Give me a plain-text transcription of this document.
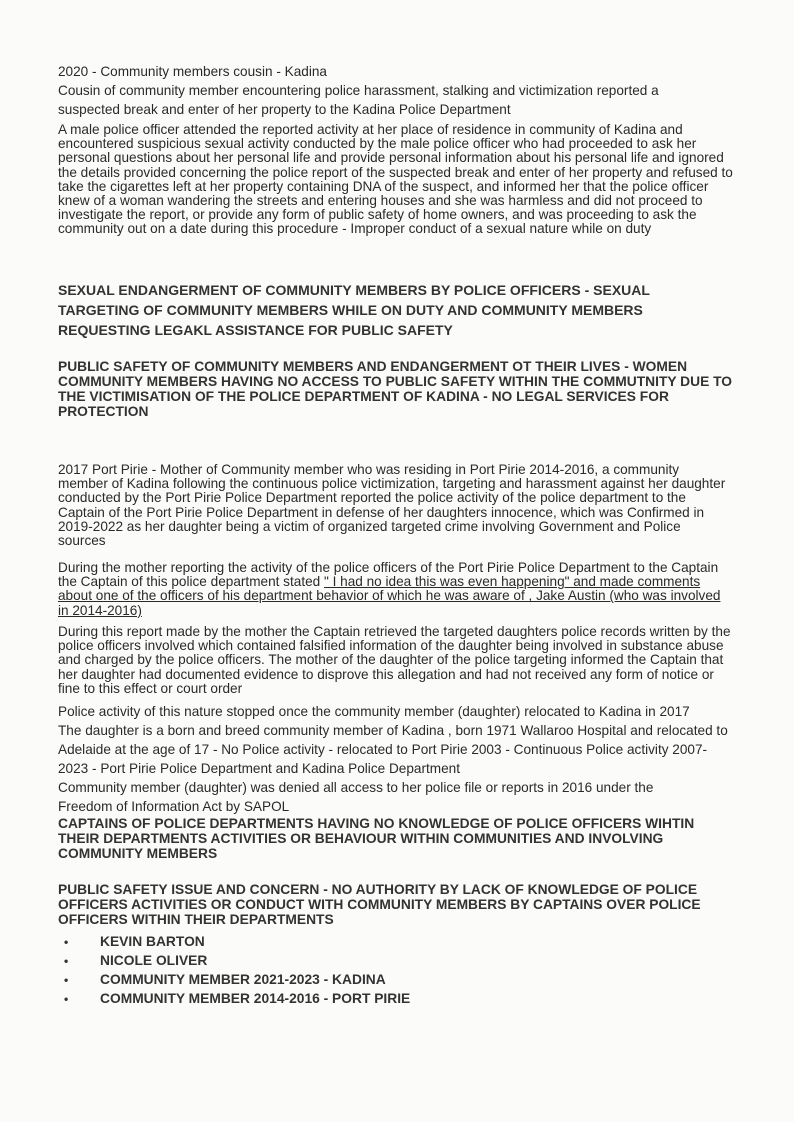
2020 - Community members cousin - Kadina

Cousin of community member encountering police harassment, stalking and victimization reported a suspected break and enter of her property to the Kadina Police Department

A male police officer attended the reported activity at her place of residence in community of Kadina and encountered suspicious sexual activity conducted by the male police officer who had proceeded to ask her personal questions about her personal life and provide personal information about his personal life and ignored the details provided concerning the police report of the suspected break and enter of her property and refused to take the cigarettes left at her property containing DNA of the suspect, and informed her that the police officer knew of a woman wandering the streets and entering houses and she was harmless and did not proceed to investigate the report, or provide any form of public safety of home owners, and was proceeding to ask the community out on a date during this procedure - Improper conduct of a sexual nature while on duty

SEXUAL ENDANGERMENT OF COMMUNITY MEMBERS BY POLICE OFFICERS - SEXUAL TARGETING OF COMMUNITY MEMBERS WHILE ON DUTY AND COMMUNITY MEMBERS REQUESTING LEGAKL ASSISTANCE FOR PUBLIC SAFETY

PUBLIC SAFETY OF COMMUNITY MEMBERS AND ENDANGERMENT OT THEIR LIVES - WOMEN COMMUNITY MEMBERS HAVING NO ACCESS TO PUBLIC SAFETY WITHIN THE COMMUTNITY DUE TO THE VICTIMISATION OF THE POLICE DEPARTMENT OF KADINA - NO LEGAL SERVICES FOR PROTECTION

2017 Port Pirie - Mother of Community member who was residing in Port Pirie 2014-2016, a community member of Kadina following the continuous police victimization, targeting and harassment against her daughter conducted by the Port Pirie Police Department reported the police activity of the police department to the Captain of the Port Pirie Police Department in defense of her daughters innocence, which was Confirmed in 2019-2022 as her daughter being a victim of organized targeted crime involving Government and Police sources

During the mother reporting the activity of the police officers of the Port Pirie Police Department to the Captain the Captain of this police department stated " I had no idea this was even happening" and made comments about one of the officers of his department behavior of which he was aware of , Jake Austin (who was involved in 2014-2016)

During this report made by the mother the Captain retrieved the targeted daughters police records written by the police officers involved which contained falsified information of the daughter being involved in substance abuse and charged by the police officers. The mother of the daughter of the police targeting informed the Captain that her daughter had documented evidence to disprove this allegation and had not received any form of notice or fine to this effect or court order

Police activity of this nature stopped once the community member (daughter) relocated to Kadina in 2017

The daughter is a born and breed community member of Kadina , born 1971 Wallaroo Hospital and relocated to Adelaide at the age of 17 - No Police activity - relocated to Port Pirie 2003 - Continuous Police activity 2007-2023 - Port Pirie Police Department and Kadina Police Department

Community member (daughter) was denied all access to her police file or reports in 2016 under the Freedom of Information Act by SAPOL

CAPTAINS OF POLICE DEPARTMENTS HAVING NO KNOWLEDGE OF POLICE OFFICERS WIHTIN THEIR DEPARTMENTS ACTIVITIES OR BEHAVIOUR WITHIN COMMUNITIES AND INVOLVING COMMUNITY MEMBERS

PUBLIC SAFETY ISSUE AND CONCERN - NO AUTHORITY BY LACK OF KNOWLEDGE OF POLICE OFFICERS ACTIVITIES OR CONDUCT WITH COMMUNITY MEMBERS BY CAPTAINS OVER POLICE OFFICERS WITHIN THEIR DEPARTMENTS

• KEVIN BARTON
• NICOLE OLIVER
• COMMUNITY MEMBER 2021-2023 - KADINA
• COMMUNITY MEMBER 2014-2016 - PORT PIRIE
